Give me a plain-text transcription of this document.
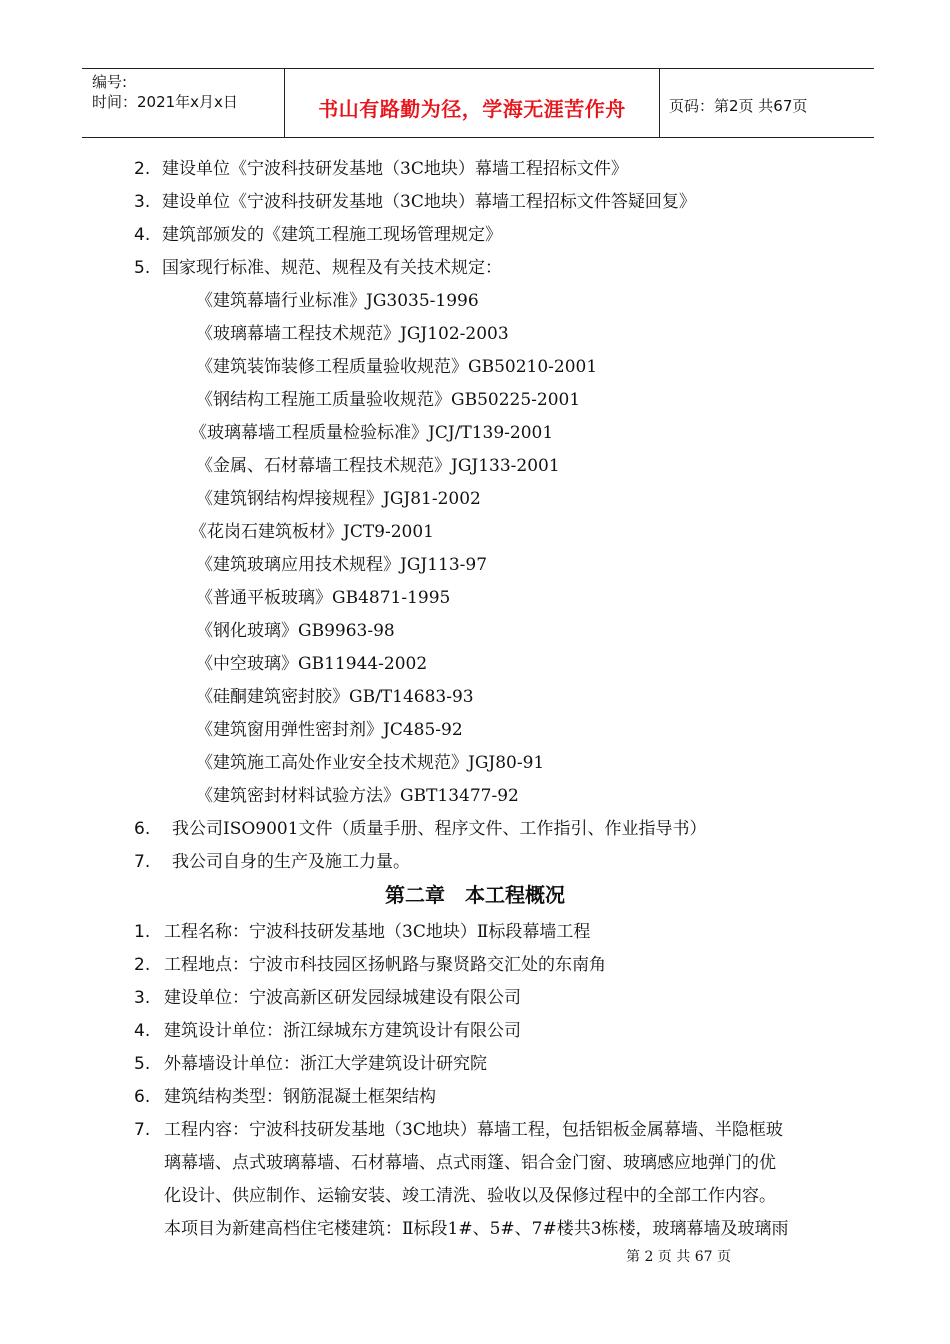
编号:
时间：2021年x月x日	书山有路勤为径，学海无涯苦作舟	页码：第2页 共67页
2. 建设单位《宁波科技研发基地（3C地块）幕墙工程招标文件》
3. 建设单位《宁波科技研发基地（3C地块）幕墙工程招标文件答疑回复》
4. 建筑部颁发的《建筑工程施工现场管理规定》
5. 国家现行标准、规范、规程及有关技术规定：
《建筑幕墙行业标准》JG3035-1996
《玻璃幕墙工程技术规范》JGJ102-2003
《建筑装饰装修工程质量验收规范》GB50210-2001
《钢结构工程施工质量验收规范》GB50225-2001
《玻璃幕墙工程质量检验标准》JCJ/T139-2001
《金属、石材幕墙工程技术规范》JGJ133-2001
《建筑钢结构焊接规程》JGJ81-2002
《花岗石建筑板材》JCT9-2001
《建筑玻璃应用技术规程》JGJ113-97
《普通平板玻璃》GB4871-1995
《钢化玻璃》GB9963-98
《中空玻璃》GB11944-2002
《硅酮建筑密封胶》GB/T14683-93
《建筑窗用弹性密封剂》JC485-92
《建筑施工高处作业安全技术规范》JGJ80-91
《建筑密封材料试验方法》GBT13477-92
6. 我公司ISO9001文件（质量手册、程序文件、工作指引、作业指导书）
7. 我公司自身的生产及施工力量。
第二章　本工程概况
1. 工程名称：宁波科技研发基地（3C地块）Ⅱ标段幕墙工程
2. 工程地点：宁波市科技园区扬帆路与聚贤路交汇处的东南角
3. 建设单位：宁波高新区研发园绿城建设有限公司
4. 建筑设计单位：浙江绿城东方建筑设计有限公司
5. 外幕墙设计单位：浙江大学建筑设计研究院
6. 建筑结构类型：钢筋混凝土框架结构
7. 工程内容：宁波科技研发基地（3C地块）幕墙工程，包括铝板金属幕墙、半隐框玻
璃幕墙、点式玻璃幕墙、石材幕墙、点式雨篷、铝合金门窗、玻璃感应地弹门的优
化设计、供应制作、运输安装、竣工清洗、验收以及保修过程中的全部工作内容。
本项目为新建高档住宅楼建筑：Ⅱ标段1#、5#、7#楼共3栋楼，玻璃幕墙及玻璃雨
第 2 页 共 67 页
